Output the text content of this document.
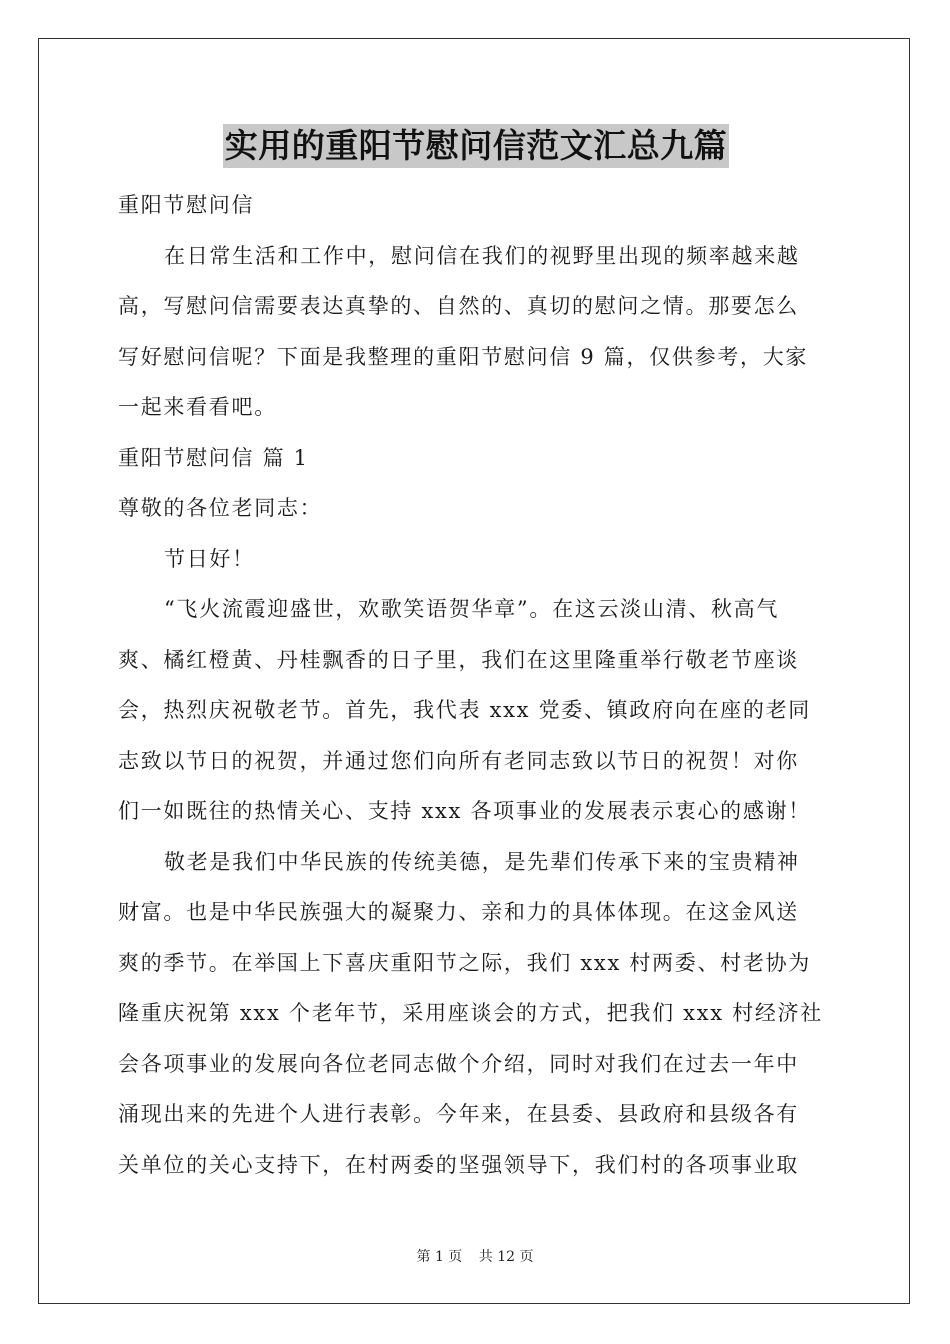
实用的重阳节慰问信范文汇总九篇

重阳节慰问信

在日常生活和工作中，慰问信在我们的视野里出现的频率越来越

高，写慰问信需要表达真挚的、自然的、真切的慰问之情。那要怎么

写好慰问信呢？下面是我整理的重阳节慰问信 9 篇，仅供参考，大家

一起来看看吧。

重阳节慰问信 篇 1

尊敬的各位老同志：

节日好！

“飞火流霞迎盛世，欢歌笑语贺华章”。在这云淡山清、秋高气

爽、橘红橙黄、丹桂飘香的日子里，我们在这里隆重举行敬老节座谈

会，热烈庆祝敬老节。首先，我代表 xxx 党委、镇政府向在座的老同

志致以节日的祝贺，并通过您们向所有老同志致以节日的祝贺！对你

们一如既往的热情关心、支持 xxx 各项事业的发展表示衷心的感谢！

敬老是我们中华民族的传统美德，是先辈们传承下来的宝贵精神

财富。也是中华民族强大的凝聚力、亲和力的具体体现。在这金风送

爽的季节。在举国上下喜庆重阳节之际，我们 xxx 村两委、村老协为

隆重庆祝第 xxx 个老年节，采用座谈会的方式，把我们 xxx 村经济社

会各项事业的发展向各位老同志做个介绍，同时对我们在过去一年中

涌现出来的先进个人进行表彰。今年来，在县委、县政府和县级各有

关单位的关心支持下，在村两委的坚强领导下，我们村的各项事业取

第 1 页 共 12 页
